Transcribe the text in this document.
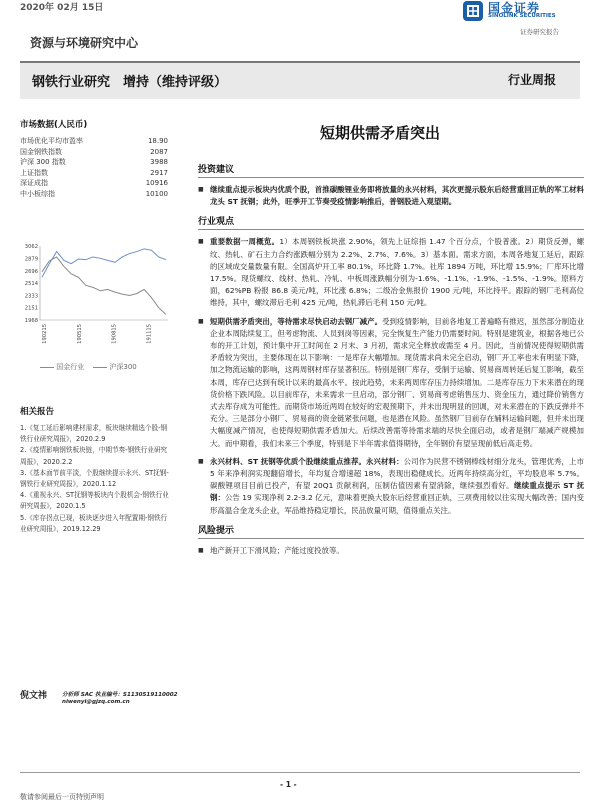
2020年 02月 15日	国金证券
SINOLINK SECURITIES
证券研究报告
资源与环境研究中心
钢铁行业研究　增持（维持评级）	行业周报
市场数据(人民币)
市场优化平均市盈率	18.90
国金钢铁指数	2087
沪深 300 指数	3988
上证指数	2917
深证成指	10916
中小板综指	10100
3062
2879
2696
2514
2333
2151
1968
190215	190515	190815	191115
国金行业	沪深300
相关报告
1.《复工延后影响建材需求，板块继续精选个股-钢铁行业研究周报》，2020.2.9
2.《疫情影响钢铁板块链，中期节奏-钢铁行业研究周报》，2020.2.2
3.《基本面节前平淡，个股继续提示永兴、ST抚钢-钢铁行业研究周报》，2020.1.12
4.《重视永兴、ST抚钢等板块内个股机会-钢铁行业研究周报》，2020.1.5
5.《库存拐点已现，板块逐步进入年配置期-钢铁行业研究周报》，2019.12.29
倪文祎	分析师 SAC 执业编号：S1130519110002
niwenyi@gjzq.com.cn
短期供需矛盾突出
投资建议
■ 继续重点提示板块内优质个股，首推碳酸锂业务即将放量的永兴材料，其次更提示股东后经营重回正轨的军工材料龙头 ST 抚钢；此外，旺季开工节奏受疫情影响推后，普钢股进入观望期。
行业观点
■ 重要数据一周概览。1）本周钢铁板块涨 2.90%，领先上证综指 1.47 个百分点，个股普涨。2）期货反弹，螺纹、热轧、矿石主力合约涨跌幅分别为 2.2%、2.7%、7.6%。3）基本面。需求方面，本周各地复工延后，跟踪的区域成交量数量有限。全国高炉开工率 80.1%，环比降 1.7%。社库 1894 万吨，环比增 15.9%；厂库环比增 17.5%。现货螺纹、线材、热轧、冷轧、中板周涨跌幅分别为-1.6%、-1.1%、-1.9%、-1.5%、-1.9%。原料方面，62%PB 粉报 86.8 美元/吨，环比涨 6.8%；二级冶金焦报价 1900 元/吨，环比持平。跟踪的钢厂毛利高位维持，其中，螺纹滞后毛利 425 元/吨，热轧滞后毛利 150 元/吨。
■ 短期供需矛盾突出，等待需求尽快启动去钢厂减产。受到疫情影响，目前各地复工普遍略有推迟，虽然部分制造业企业本周陆续复工，但考虑物流、人员到岗等因素，完全恢复生产能力仍需要时间。特别是建筑业，根据各地已公布的开工计划，预计集中开工时间在 2 月末、3 月初，需求完全释放或需至 4 月。因此，当前情况使得短期供需矛盾较为突出，主要体现在以下影响：一是库存大幅增加。现货需求尚未完全启动，钢厂开工率也未有明显下降，加之物流运输的影响，这两周钢材库存显著积压。特别是钢厂库存，受制于运输、贸易商周转延后复工影响，截至本周，库存已达到有统计以来的最高水平。按此趋势，未来两周库存压力持续增加。二是库存压力下未来潜在的现货价格下跌风险。以目前库存，未来需求一旦启动，部分钢厂、贸易商考虑销售压力、资金压力，通过降价销售方式去库存成为可能性。而期货市场近两周在较好的宏观预期下，并未出现明显的回调，对未来潜在的下跌反弹并不充分。三是部分小钢厂、贸易商的资金链紧张问题，也是潜在风险。虽然钢厂目前存在辅料运输问题，但并未出现大幅度减产情况，也使得短期供需矛盾加大。后续改善需等待需求端的尽快全面启动，或者是钢厂端减产规模加大。而中期看，我们未来三个季度，特别是下半年需求值得期待，全年钢价有望呈现前低后高走势。
■ 永兴材料、ST 抚钢等优质个股继续重点推荐。永兴材料：公司作为民营不锈钢棒线材细分龙头，管理优秀，上市 5 年来净利润实现翻倍增长，年均复合增速超 18%，表现出稳健成长。近两年持续高分红，平均股息率 5.7%。碳酸锂项目目前已投产，有望 20Q1 贡献利润，压制估值因素有望消除，继续强烈看好。继续重点提示 ST 抚钢：公告 19 实现净利 2.2-3.2 亿元，意味着更换大股东后经营重回正轨，三项费用较以往实现大幅改善；国内变形高温合金龙头企业，军品维持稳定增长，民品放量可期，值得重点关注。
风险提示
■ 地产新开工下滑风险；产能过度投放等。
- 1 -
敬请参阅最后一页特别声明
